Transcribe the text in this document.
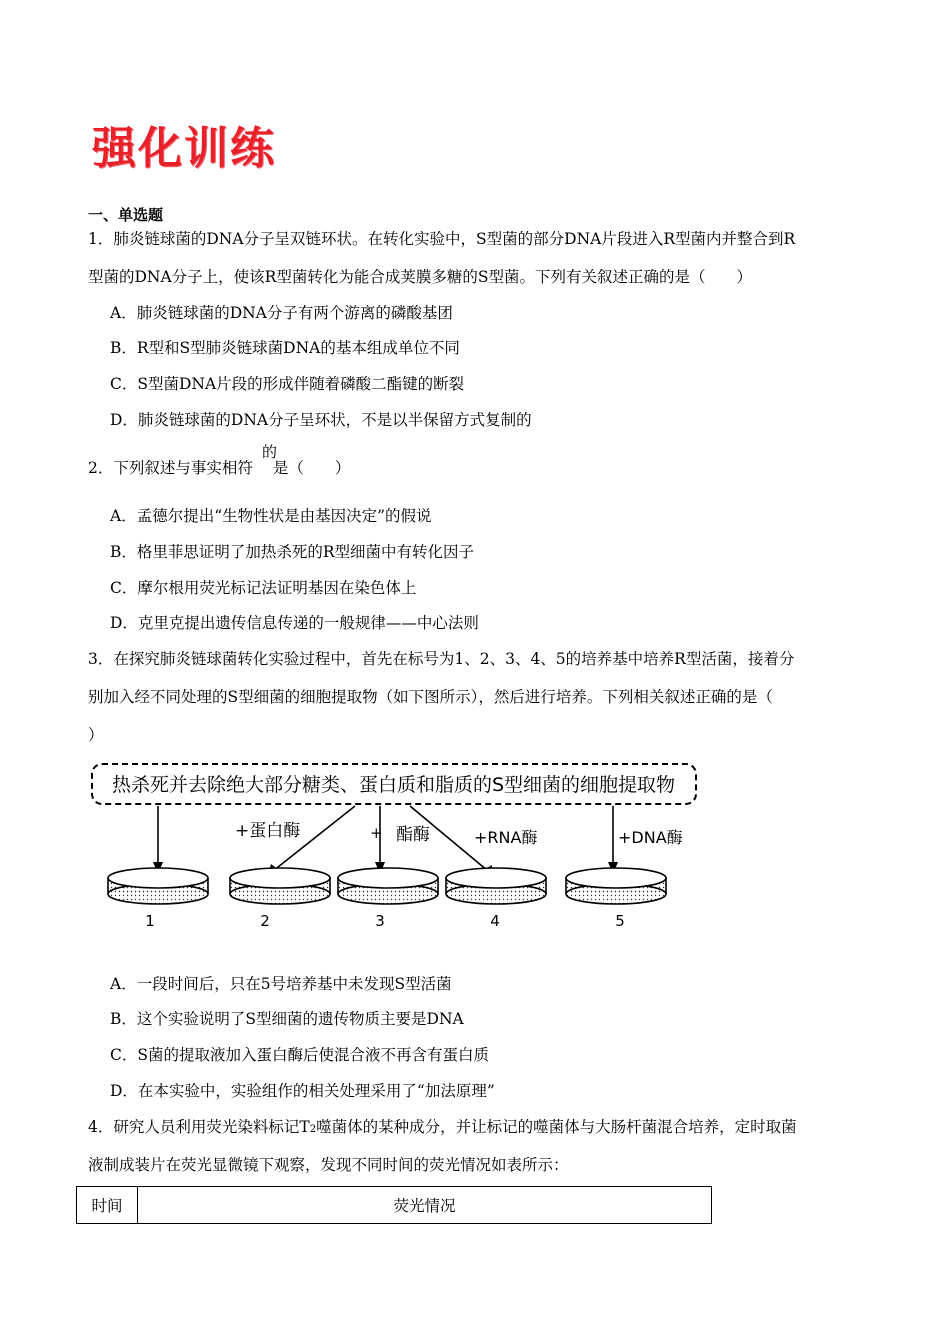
强化训练
一、单选题
1．肺炎链球菌的DNA分子呈双链环状。在转化实验中，S型菌的部分DNA片段进入R型菌内并整合到R
型菌的DNA分子上，使该R型菌转化为能合成荚膜多糖的S型菌。下列有关叙述正确的是（　　）
A．肺炎链球菌的DNA分子有两个游离的磷酸基团
B．R型和S型肺炎链球菌DNA的基本组成单位不同
C．S型菌DNA片段的形成伴随着磷酸二酯键的断裂
D．肺炎链球菌的DNA分子呈环状，不是以半保留方式复制的
2．下列叙述与事实相符 是（　　）
的
A．孟德尔提出“生物性状是由基因决定”的假说
B．格里菲思证明了加热杀死的R型细菌中有转化因子
C．摩尔根用荧光标记法证明基因在染色体上
D．克里克提出遗传信息传递的一般规律——中心法则
3．在探究肺炎链球菌转化实验过程中，首先在标号为1、2、3、4、5的培养基中培养R型活菌，接着分
别加入经不同处理的S型细菌的细胞提取物（如下图所示），然后进行培养。下列相关叙述正确的是（
）
热杀死并去除绝大部分糖类、蛋白质和脂质的S型细菌的细胞提取物
+蛋白酶	+ 酯酶	+RNA酶	+DNA酶
1	2	3	4	5
A．一段时间后，只在5号培养基中未发现S型活菌
B．这个实验说明了S型细菌的遗传物质主要是DNA
C．S菌的提取液加入蛋白酶后使混合液不再含有蛋白质
D．在本实验中，实验组作的相关处理采用了“加法原理”
4．研究人员利用荧光染料标记T2噬菌体的某种成分，并让标记的噬菌体与大肠杆菌混合培养，定时取菌
液制成装片在荧光显微镜下观察，发现不同时间的荧光情况如表所示：
时间	荧光情况
